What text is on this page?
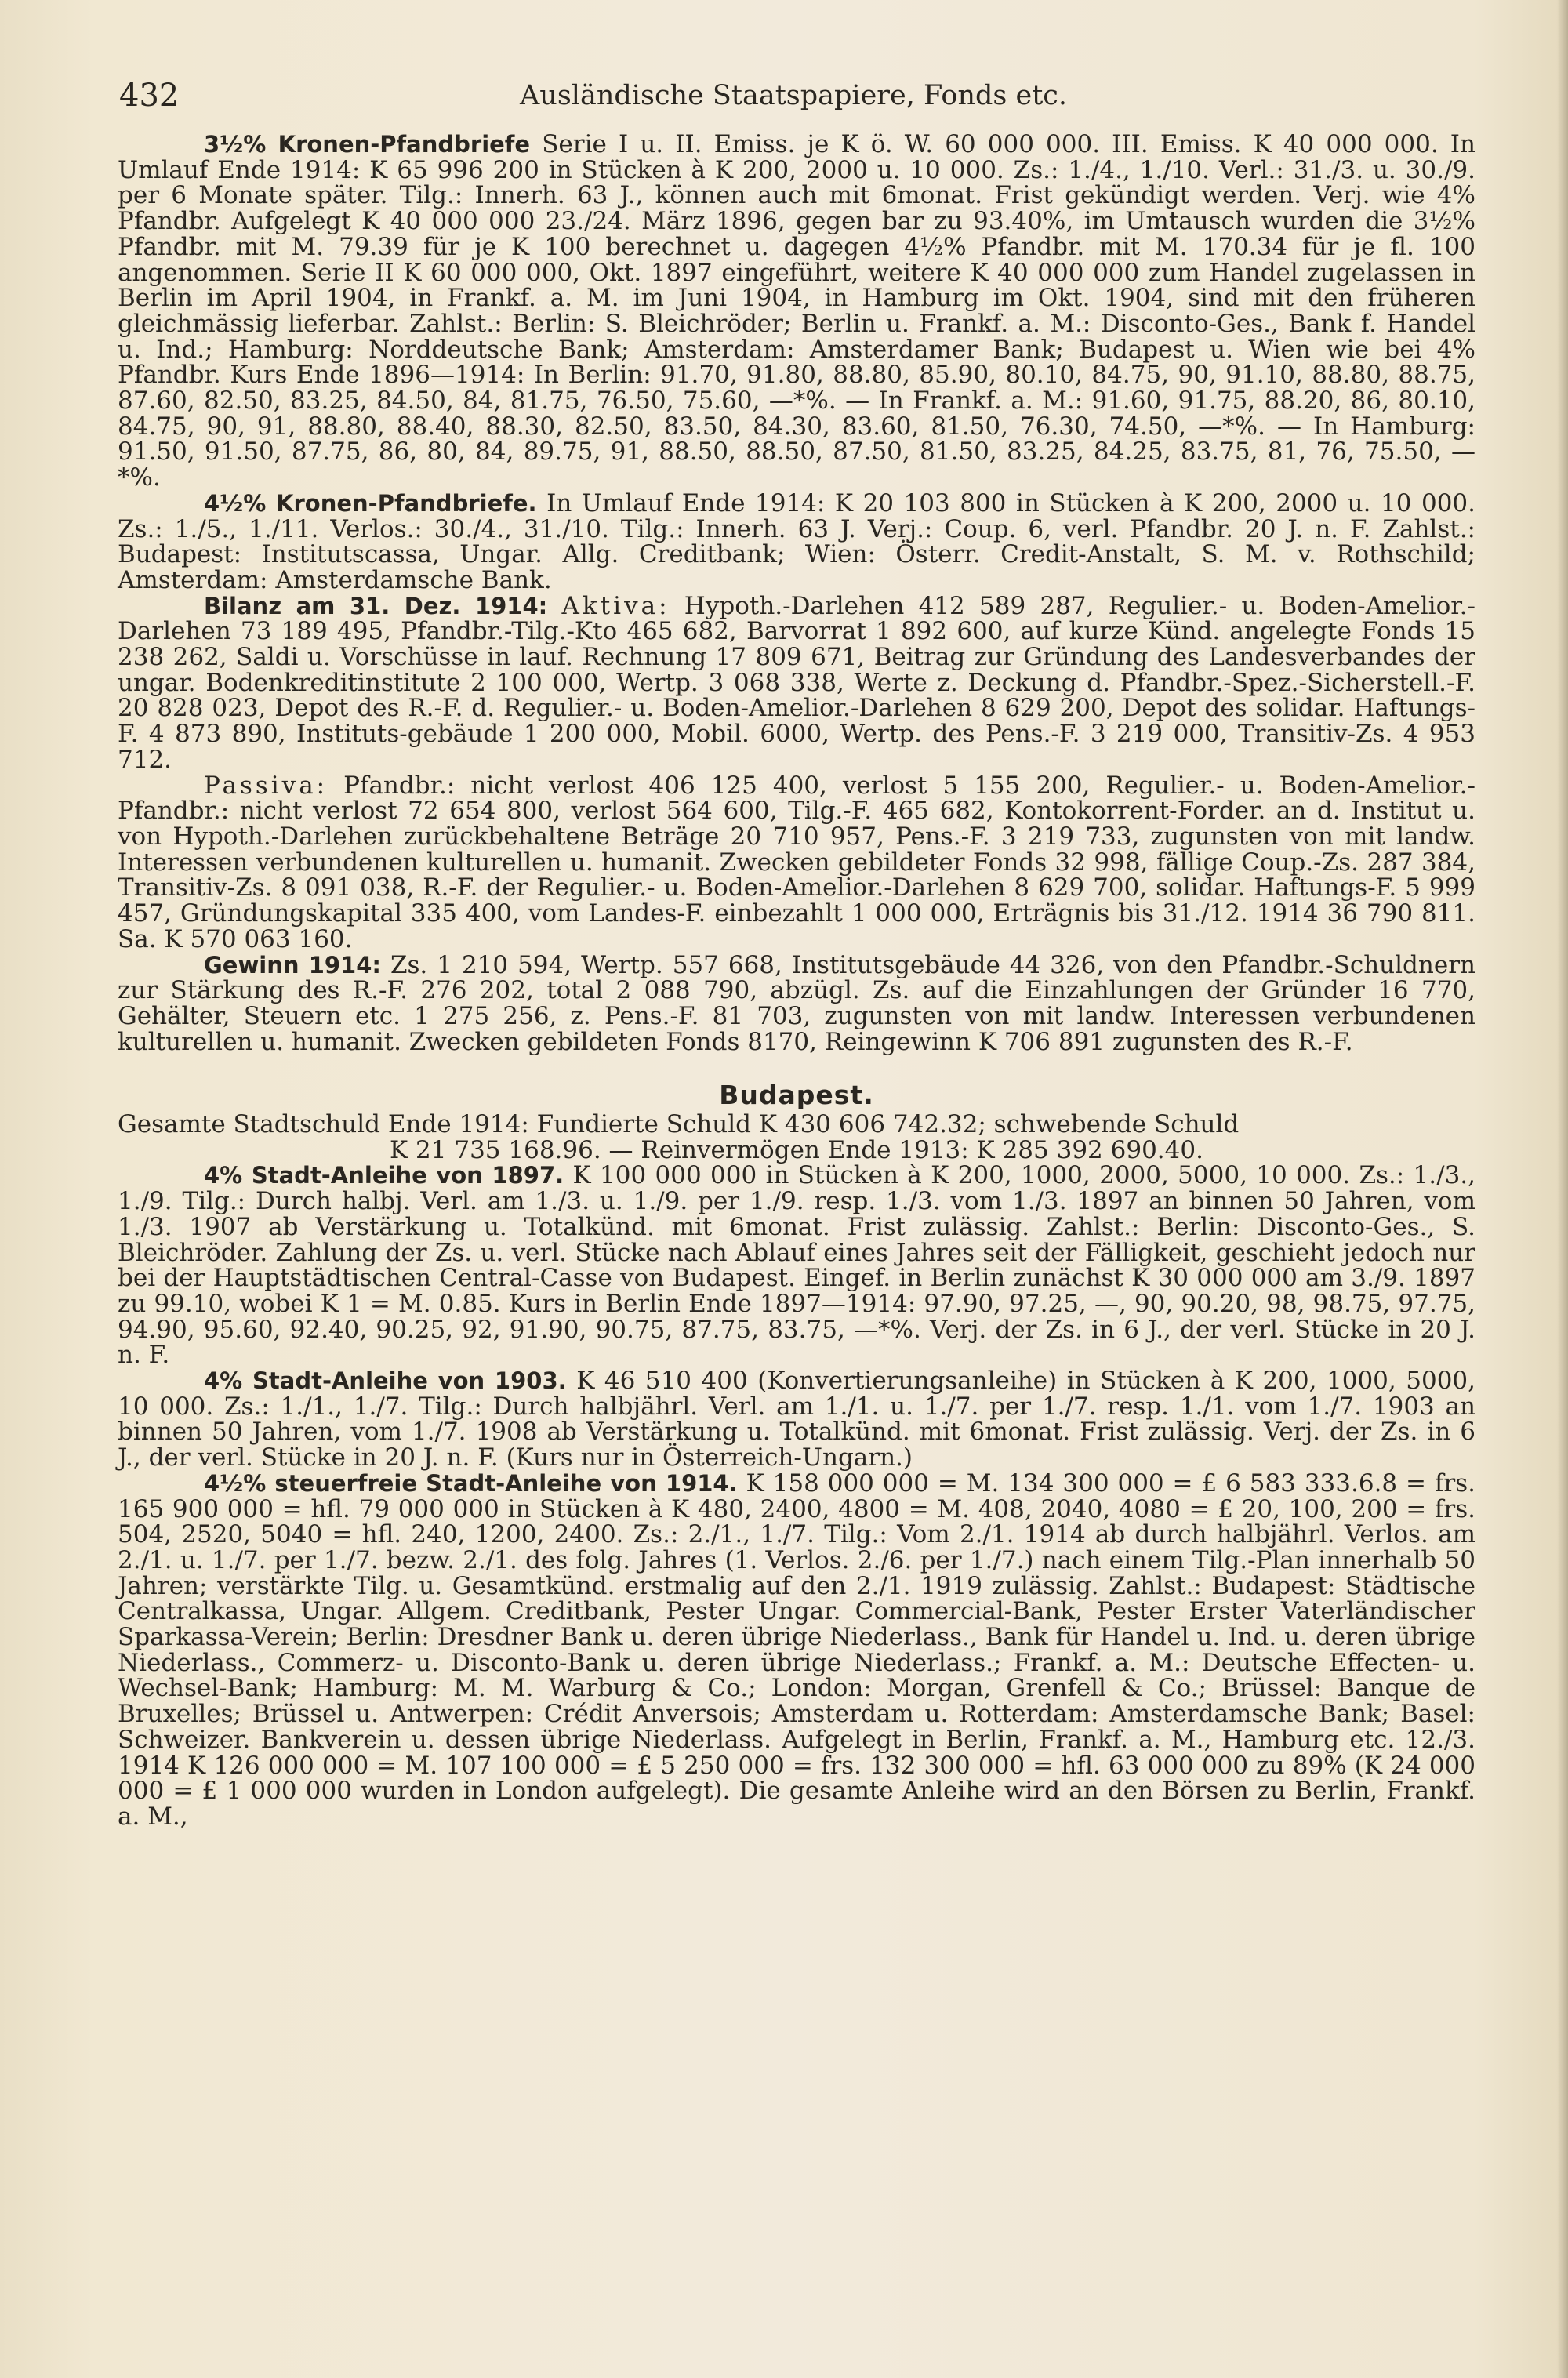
432	Ausländische Staatspapiere, Fonds etc.

3½% Kronen-Pfandbriefe Serie I u. II. Emiss. je K ö. W. 60 000 000. III. Emiss. K 40 000 000. In Umlauf Ende 1914: K 65 996 200 in Stücken à K 200, 2000 u. 10 000. Zs.: 1./4., 1./10. Verl.: 31./3. u. 30./9. per 6 Monate später. Tilg.: Innerh. 63 J., können auch mit 6monat. Frist gekündigt werden. Verj. wie 4% Pfandbr. Aufgelegt K 40 000 000 23./24. März 1896, gegen bar zu 93.40%, im Umtausch wurden die 3½% Pfandbr. mit M. 79.39 für je K 100 berechnet u. dagegen 4½% Pfandbr. mit M. 170.34 für je fl. 100 angenommen. Serie II K 60 000 000, Okt. 1897 eingeführt, weitere K 40 000 000 zum Handel zugelassen in Berlin im April 1904, in Frankf. a. M. im Juni 1904, in Hamburg im Okt. 1904, sind mit den früheren gleichmässig lieferbar. Zahlst.: Berlin: S. Bleichröder; Berlin u. Frankf. a. M.: Disconto-Ges., Bank f. Handel u. Ind.; Hamburg: Norddeutsche Bank; Amsterdam: Amsterdamer Bank; Budapest u. Wien wie bei 4% Pfandbr. Kurs Ende 1896—1914: In Berlin: 91.70, 91.80, 88.80, 85.90, 80.10, 84.75, 90, 91.10, 88.80, 88.75, 87.60, 82.50, 83.25, 84.50, 84, 81.75, 76.50, 75.60, —*%. — In Frankf. a. M.: 91.60, 91.75, 88.20, 86, 80.10, 84.75, 90, 91, 88.80, 88.40, 88.30, 82.50, 83.50, 84.30, 83.60, 81.50, 76.30, 74.50, —*%. — In Hamburg: 91.50, 91.50, 87.75, 86, 80, 84, 89.75, 91, 88.50, 88.50, 87.50, 81.50, 83.25, 84.25, 83.75, 81, 76, 75.50, —*%.

4½% Kronen-Pfandbriefe. In Umlauf Ende 1914: K 20 103 800 in Stücken à K 200, 2000 u. 10 000. Zs.: 1./5., 1./11. Verlos.: 30./4., 31./10. Tilg.: Innerh. 63 J. Verj.: Coup. 6, verl. Pfandbr. 20 J. n. F. Zahlst.: Budapest: Institutscassa, Ungar. Allg. Creditbank; Wien: Österr. Credit-Anstalt, S. M. v. Rothschild; Amsterdam: Amsterdamsche Bank.

Bilanz am 31. Dez. 1914: Aktiva: Hypoth.-Darlehen 412 589 287, Regulier.- u. Boden-Amelior.-Darlehen 73 189 495, Pfandbr.-Tilg.-Kto 465 682, Barvorrat 1 892 600, auf kurze Künd. angelegte Fonds 15 238 262, Saldi u. Vorschüsse in lauf. Rechnung 17 809 671, Beitrag zur Gründung des Landesverbandes der ungar. Bodenkreditinstitute 2 100 000, Wertp. 3 068 338, Werte z. Deckung d. Pfandbr.-Spez.-Sicherstell.-F. 20 828 023, Depot des R.-F. d. Regulier.- u. Boden-Amelior.-Darlehen 8 629 200, Depot des solidar. Haftungs-F. 4 873 890, Instituts-gebäude 1 200 000, Mobil. 6000, Wertp. des Pens.-F. 3 219 000, Transitiv-Zs. 4 953 712.

Passiva: Pfandbr.: nicht verlost 406 125 400, verlost 5 155 200, Regulier.- u. Boden-Amelior.-Pfandbr.: nicht verlost 72 654 800, verlost 564 600, Tilg.-F. 465 682, Kontokorrent-Forder. an d. Institut u. von Hypoth.-Darlehen zurückbehaltene Beträge 20 710 957, Pens.-F. 3 219 733, zugunsten von mit landw. Interessen verbundenen kulturellen u. humanit. Zwecken gebildeter Fonds 32 998, fällige Coup.-Zs. 287 384, Transitiv-Zs. 8 091 038, R.-F. der Regulier.- u. Boden-Amelior.-Darlehen 8 629 700, solidar. Haftungs-F. 5 999 457, Gründungskapital 335 400, vom Landes-F. einbezahlt 1 000 000, Erträgnis bis 31./12. 1914 36 790 811. Sa. K 570 063 160.

Gewinn 1914: Zs. 1 210 594, Wertp. 557 668, Institutsgebäude 44 326, von den Pfandbr.-Schuldnern zur Stärkung des R.-F. 276 202, total 2 088 790, abzügl. Zs. auf die Einzahlungen der Gründer 16 770, Gehälter, Steuern etc. 1 275 256, z. Pens.-F. 81 703, zugunsten von mit landw. Interessen verbundenen kulturellen u. humanit. Zwecken gebildeten Fonds 8170, Reingewinn K 706 891 zugunsten des R.-F.

Budapest.

Gesamte Stadtschuld Ende 1914: Fundierte Schuld K 430 606 742.32; schwebende Schuld

K 21 735 168.96. — Reinvermögen Ende 1913: K 285 392 690.40.

4% Stadt-Anleihe von 1897. K 100 000 000 in Stücken à K 200, 1000, 2000, 5000, 10 000. Zs.: 1./3., 1./9. Tilg.: Durch halbj. Verl. am 1./3. u. 1./9. per 1./9. resp. 1./3. vom 1./3. 1897 an binnen 50 Jahren, vom 1./3. 1907 ab Verstärkung u. Totalkünd. mit 6monat. Frist zulässig. Zahlst.: Berlin: Disconto-Ges., S. Bleichröder. Zahlung der Zs. u. verl. Stücke nach Ablauf eines Jahres seit der Fälligkeit, geschieht jedoch nur bei der Hauptstädtischen Central-Casse von Budapest. Eingef. in Berlin zunächst K 30 000 000 am 3./9. 1897 zu 99.10, wobei K 1 = M. 0.85. Kurs in Berlin Ende 1897—1914: 97.90, 97.25, —, 90, 90.20, 98, 98.75, 97.75, 94.90, 95.60, 92.40, 90.25, 92, 91.90, 90.75, 87.75, 83.75, —*%. Verj. der Zs. in 6 J., der verl. Stücke in 20 J. n. F.

4% Stadt-Anleihe von 1903. K 46 510 400 (Konvertierungsanleihe) in Stücken à K 200, 1000, 5000, 10 000. Zs.: 1./1., 1./7. Tilg.: Durch halbjährl. Verl. am 1./1. u. 1./7. per 1./7. resp. 1./1. vom 1./7. 1903 an binnen 50 Jahren, vom 1./7. 1908 ab Verstärkung u. Totalkünd. mit 6monat. Frist zulässig. Verj. der Zs. in 6 J., der verl. Stücke in 20 J. n. F. (Kurs nur in Österreich-Ungarn.)

4½% steuerfreie Stadt-Anleihe von 1914. K 158 000 000 = M. 134 300 000 = £ 6 583 333.6.8 = frs. 165 900 000 = hfl. 79 000 000 in Stücken à K 480, 2400, 4800 = M. 408, 2040, 4080 = £ 20, 100, 200 = frs. 504, 2520, 5040 = hfl. 240, 1200, 2400. Zs.: 2./1., 1./7. Tilg.: Vom 2./1. 1914 ab durch halbjährl. Verlos. am 2./1. u. 1./7. per 1./7. bezw. 2./1. des folg. Jahres (1. Verlos. 2./6. per 1./7.) nach einem Tilg.-Plan innerhalb 50 Jahren; verstärkte Tilg. u. Gesamtkünd. erstmalig auf den 2./1. 1919 zulässig. Zahlst.: Budapest: Städtische Centralkassa, Ungar. Allgem. Creditbank, Pester Ungar. Commercial-Bank, Pester Erster Vaterländischer Sparkassa-Verein; Berlin: Dresdner Bank u. deren übrige Niederlass., Bank für Handel u. Ind. u. deren übrige Niederlass., Commerz- u. Disconto-Bank u. deren übrige Niederlass.; Frankf. a. M.: Deutsche Effecten- u. Wechsel-Bank; Hamburg: M. M. Warburg & Co.; London: Morgan, Grenfell & Co.; Brüssel: Banque de Bruxelles; Brüssel u. Antwerpen: Crédit Anversois; Amsterdam u. Rotterdam: Amsterdamsche Bank; Basel: Schweizer. Bankverein u. dessen übrige Niederlass. Aufgelegt in Berlin, Frankf. a. M., Hamburg etc. 12./3. 1914 K 126 000 000 = M. 107 100 000 = £ 5 250 000 = frs. 132 300 000 = hfl. 63 000 000 zu 89% (K 24 000 000 = £ 1 000 000 wurden in London aufgelegt). Die gesamte Anleihe wird an den Börsen zu Berlin, Frankf. a. M.,
